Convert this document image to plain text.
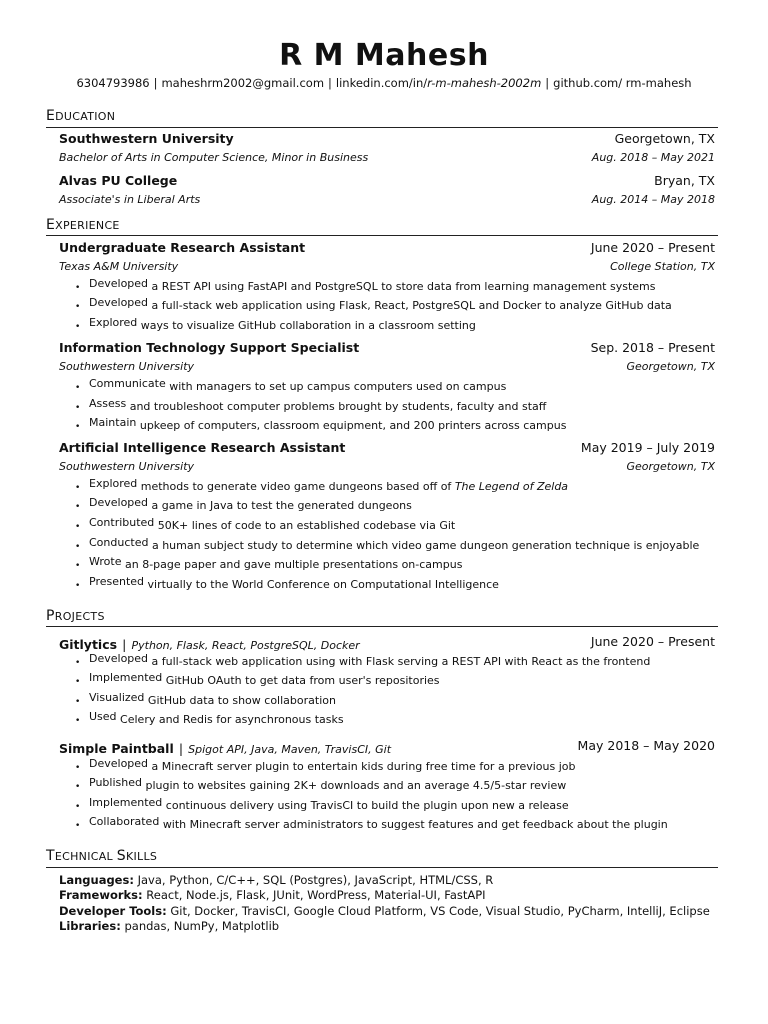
R M Mahesh
6304793986 | maheshrm2002@gmail.com | linkedin.com/in/r-m-mahesh-2002m | github.com/ rm-mahesh
EDUCATION
Southwestern University	Georgetown, TX
Bachelor of Arts in Computer Science, Minor in Business	Aug. 2018 – May 2021
Alvas PU College	Bryan, TX
Associate's in Liberal Arts	Aug. 2014 – May 2018
EXPERIENCE
Undergraduate Research Assistant	June 2020 – Present
Texas A&M University	College Station, TX
• Developed a REST API using FastAPI and PostgreSQL to store data from learning management systems
• Developed a full-stack web application using Flask, React, PostgreSQL and Docker to analyze GitHub data
• Explored ways to visualize GitHub collaboration in a classroom setting
Information Technology Support Specialist	Sep. 2018 – Present
Southwestern University	Georgetown, TX
• Communicate with managers to set up campus computers used on campus
• Assess and troubleshoot computer problems brought by students, faculty and staff
• Maintain upkeep of computers, classroom equipment, and 200 printers across campus
Artificial Intelligence Research Assistant	May 2019 – July 2019
Southwestern University	Georgetown, TX
• Explored methods to generate video game dungeons based off of The Legend of Zelda
• Developed a game in Java to test the generated dungeons
• Contributed 50K+ lines of code to an established codebase via Git
• Conducted a human subject study to determine which video game dungeon generation technique is enjoyable
• Wrote an 8-page paper and gave multiple presentations on-campus
• Presented virtually to the World Conference on Computational Intelligence
PROJECTS
Gitlytics | Python, Flask, React, PostgreSQL, Docker	June 2020 – Present
• Developed a full-stack web application using with Flask serving a REST API with React as the frontend
• Implemented GitHub OAuth to get data from user's repositories
• Visualized GitHub data to show collaboration
• Used Celery and Redis for asynchronous tasks
Simple Paintball | Spigot API, Java, Maven, TravisCI, Git	May 2018 – May 2020
• Developed a Minecraft server plugin to entertain kids during free time for a previous job
• Published plugin to websites gaining 2K+ downloads and an average 4.5/5-star review
• Implemented continuous delivery using TravisCI to build the plugin upon new a release
• Collaborated with Minecraft server administrators to suggest features and get feedback about the plugin
TECHNICAL SKILLS
Languages: Java, Python, C/C++, SQL (Postgres), JavaScript, HTML/CSS, R
Frameworks: React, Node.js, Flask, JUnit, WordPress, Material-UI, FastAPI
Developer Tools: Git, Docker, TravisCI, Google Cloud Platform, VS Code, Visual Studio, PyCharm, IntelliJ, Eclipse
Libraries: pandas, NumPy, Matplotlib
